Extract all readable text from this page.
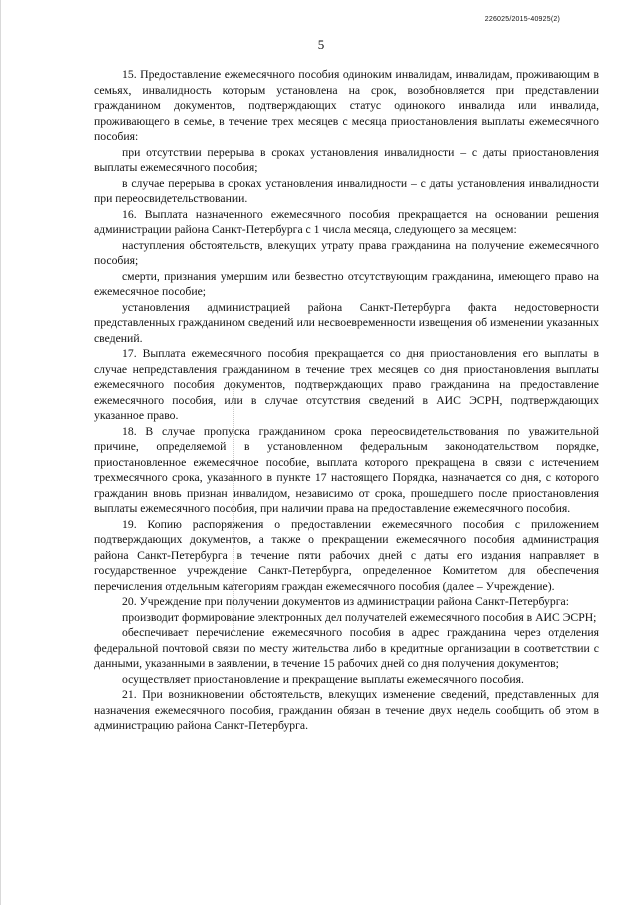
226025/2015-40925(2)
5

15. Предоставление ежемесячного пособия одиноким инвалидам, инвалидам, проживающим в семьях, инвалидность которым установлена на срок, возобновляется при представлении гражданином документов, подтверждающих статус одинокого инвалида или инвалида, проживающего в семье, в течение трех месяцев с месяца приостановления выплаты ежемесячного пособия:

при отсутствии перерыва в сроках установления инвалидности – с даты приостановления выплаты ежемесячного пособия;

в случае перерыва в сроках установления инвалидности – с даты установления инвалидности при переосвидетельствовании.

16. Выплата назначенного ежемесячного пособия прекращается на основании решения администрации района Санкт-Петербурга с 1 числа месяца, следующего за месяцем:

наступления обстоятельств, влекущих утрату права гражданина на получение ежемесячного пособия;

смерти, признания умершим или безвестно отсутствующим гражданина, имеющего право на ежемесячное пособие;

установления администрацией района Санкт-Петербурга факта недостоверности представленных гражданином сведений или несвоевременности извещения об изменении указанных сведений.

17. Выплата ежемесячного пособия прекращается со дня приостановления его выплаты в случае непредставления гражданином в течение трех месяцев со дня приостановления выплаты ежемесячного пособия документов, подтверждающих право гражданина на предоставление ежемесячного пособия, или в случае отсутствия сведений в АИС ЭСРН, подтверждающих указанное право.

18. В случае пропуска гражданином срока переосвидетельствования по уважительной причине, определяемой в установленном федеральным законодательством порядке, приостановленное ежемесячное пособие, выплата которого прекращена в связи с истечением трехмесячного срока, указанного в пункте 17 настоящего Порядка, назначается со дня, с которого гражданин вновь признан инвалидом, независимо от срока, прошедшего после приостановления выплаты ежемесячного пособия, при наличии права на предоставление ежемесячного пособия.

19. Копию распоряжения о предоставлении ежемесячного пособия с приложением подтверждающих документов, а также о прекращении ежемесячного пособия администрация района Санкт-Петербурга в течение пяти рабочих дней с даты его издания направляет в государственное учреждение Санкт-Петербурга, определенное Комитетом для обеспечения перечисления отдельным категориям граждан ежемесячного пособия (далее – Учреждение).

20. Учреждение при получении документов из администрации района Санкт-Петербурга:

производит формирование электронных дел получателей ежемесячного пособия в АИС ЭСРН;

обеспечивает перечисление ежемесячного пособия в адрес гражданина через отделения федеральной почтовой связи по месту жительства либо в кредитные организации в соответствии с данными, указанными в заявлении, в течение 15 рабочих дней со дня получения документов;

осуществляет приостановление и прекращение выплаты ежемесячного пособия.

21. При возникновении обстоятельств, влекущих изменение сведений, представленных для назначения ежемесячного пособия, гражданин обязан в течение двух недель сообщить об этом в администрацию района Санкт-Петербурга.
